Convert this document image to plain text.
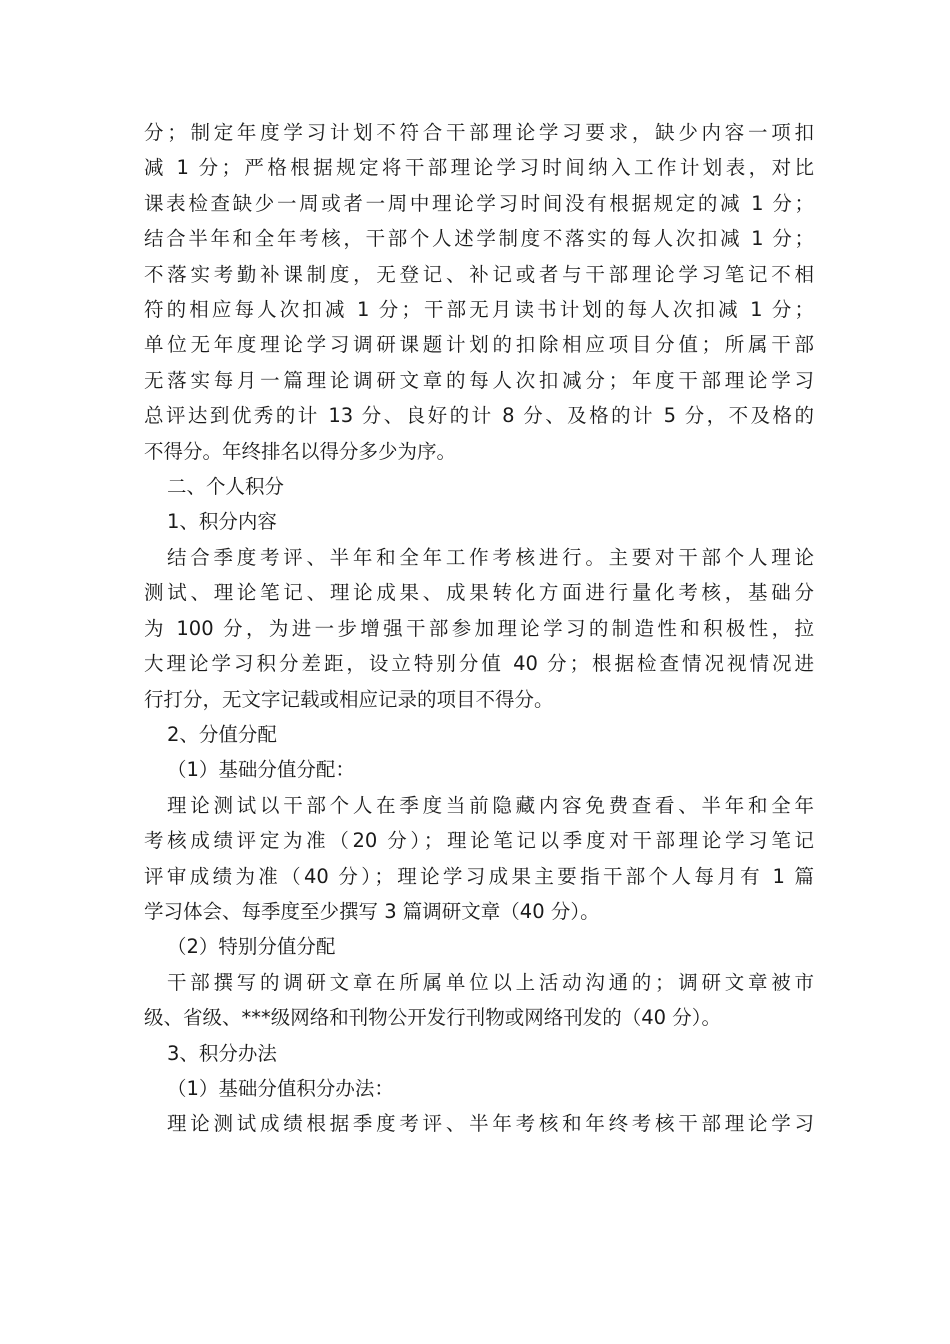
分；制定年度学习计划不符合干部理论学习要求，缺少内容一项扣
减 1 分；严格根据规定将干部理论学习时间纳入工作计划表，对比
课表检查缺少一周或者一周中理论学习时间没有根据规定的减 1 分；
结合半年和全年考核，干部个人述学制度不落实的每人次扣减 1 分；
不落实考勤补课制度，无登记、补记或者与干部理论学习笔记不相
符的相应每人次扣减 1 分；干部无月读书计划的每人次扣减 1 分；
单位无年度理论学习调研课题计划的扣除相应项目分值；所属干部
无落实每月一篇理论调研文章的每人次扣减分；年度干部理论学习
总评达到优秀的计 13 分、良好的计 8 分、及格的计 5 分，不及格的
不得分。年终排名以得分多少为序。

二、个人积分

1、积分内容

结合季度考评、半年和全年工作考核进行。主要对干部个人理论
测试、理论笔记、理论成果、成果转化方面进行量化考核，基础分
为 100 分，为进一步增强干部参加理论学习的制造性和积极性，拉
大理论学习积分差距，设立特别分值 40 分；根据检查情况视情况进
行打分，无文字记载或相应记录的项目不得分。

2、分值分配

（1）基础分值分配：

理论测试以干部个人在季度当前隐藏内容免费查看、半年和全年
考核成绩评定为准（20 分）；理论笔记以季度对干部理论学习笔记
评审成绩为准（40 分）；理论学习成果主要指干部个人每月有 1 篇
学习体会、每季度至少撰写 3 篇调研文章（40 分）。

（2）特别分值分配

干部撰写的调研文章在所属单位以上活动沟通的；调研文章被市
级、省级、***级网络和刊物公开发行刊物或网络刊发的（40 分）。

3、积分办法

（1）基础分值积分办法：

理论测试成绩根据季度考评、半年考核和年终考核干部理论学习
